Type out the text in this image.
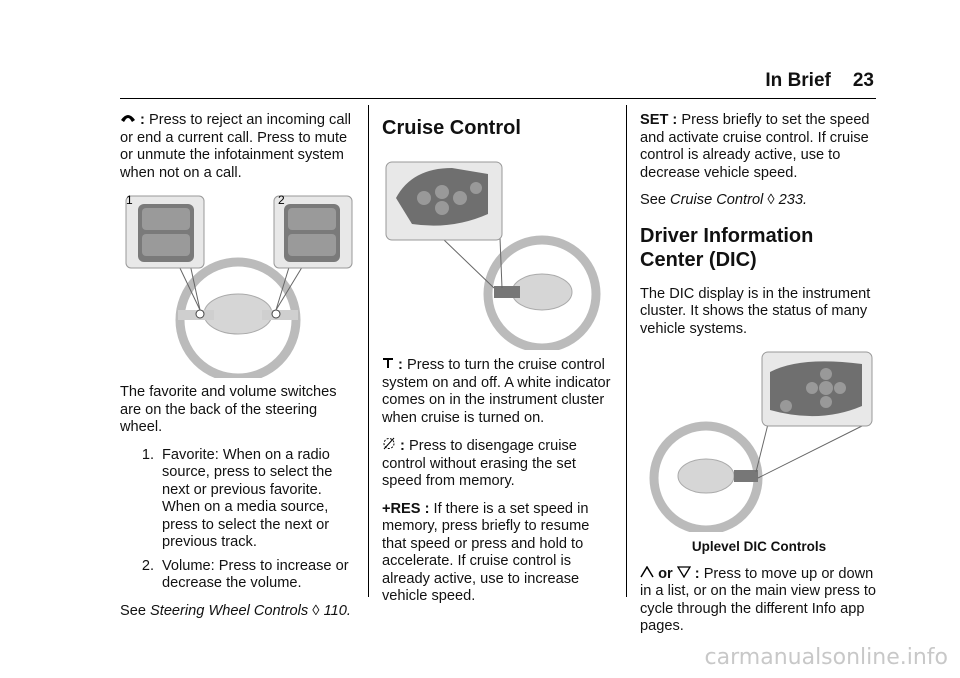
In Brief 23

: Press to reject an incoming call or end a current call. Press to mute or unmute the infotainment system when not on a call.

1	2

The favorite and volume switches are on the back of the steering wheel.

1. Favorite: When on a radio source, press to select the next or previous favorite. When on a media source, press to select the next or previous track.
2. Volume: Press to increase or decrease the volume.

See Steering Wheel Controls ◊ 110.

Cruise Control

: Press to turn the cruise control system on and off. A white indicator comes on in the instrument cluster when cruise is turned on.

: Press to disengage cruise control without erasing the set speed from memory.

+RES : If there is a set speed in memory, press briefly to resume that speed or press and hold to accelerate. If cruise control is already active, use to increase vehicle speed.

SET : Press briefly to set the speed and activate cruise control. If cruise control is already active, use to decrease vehicle speed.

See Cruise Control ◊ 233.

Driver Information Center (DIC)

The DIC display is in the instrument cluster. It shows the status of many vehicle systems.

Uplevel DIC Controls

or  : Press to move up or down in a list, or on the main view press to cycle through the different Info app pages.

carmanualsonline.info
